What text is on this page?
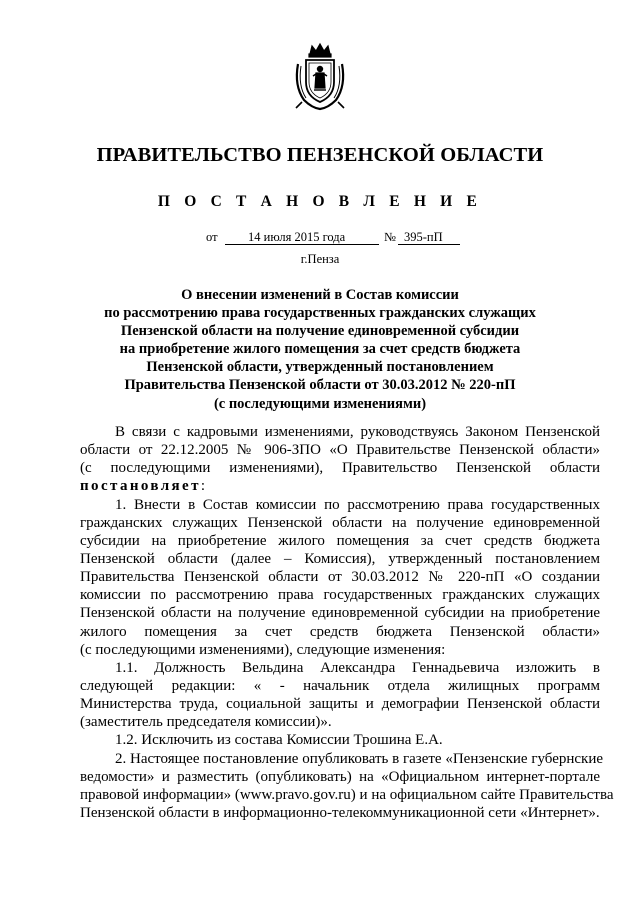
ПРАВИТЕЛЬСТВО ПЕНЗЕНСКОЙ ОБЛАСТИ
П О С Т А Н О В Л Е Н И Е
от 14 июля 2015 года	№ 395-пП
г.Пенза
О внесении изменений в Состав комиссии
по рассмотрению права государственных гражданских служащих
Пензенской области на получение единовременной субсидии
на приобретение жилого помещения за счет средств бюджета
Пензенской области, утвержденный постановлением
Правительства Пензенской области от 30.03.2012 № 220-пП
(с последующими изменениями)
В связи с кадровыми изменениями, руководствуясь Законом Пензенской
области от 22.12.2005 № 906-ЗПО «О Правительстве Пензенской области»
(с последующими изменениями), Правительство Пензенской области
постановляет:
1. Внести в Состав комиссии по рассмотрению права государственных
гражданских служащих Пензенской области на получение единовременной
субсидии на приобретение жилого помещения за счет средств бюджета
Пензенской области (далее – Комиссия), утвержденный постановлением
Правительства Пензенской области от 30.03.2012 № 220-пП «О создании
комиссии по рассмотрению права государственных гражданских служащих
Пензенской области на получение единовременной субсидии на приобретение
жилого помещения за счет средств бюджета Пензенской области»
(с последующими изменениями), следующие изменения:
1.1. Должность Вельдина Александра Геннадьевича изложить в
следующей редакции: « - начальник отдела жилищных программ
Министерства труда, социальной защиты и демографии Пензенской области
(заместитель председателя комиссии)».
1.2. Исключить из состава Комиссии Трошина Е.А.
2. Настоящее постановление опубликовать в газете «Пензенские губернские
ведомости» и разместить (опубликовать) на «Официальном интернет-портале
правовой информации» (www.pravo.gov.ru) и на официальном сайте Правительства
Пензенской области в информационно-телекоммуникационной сети «Интернет».
